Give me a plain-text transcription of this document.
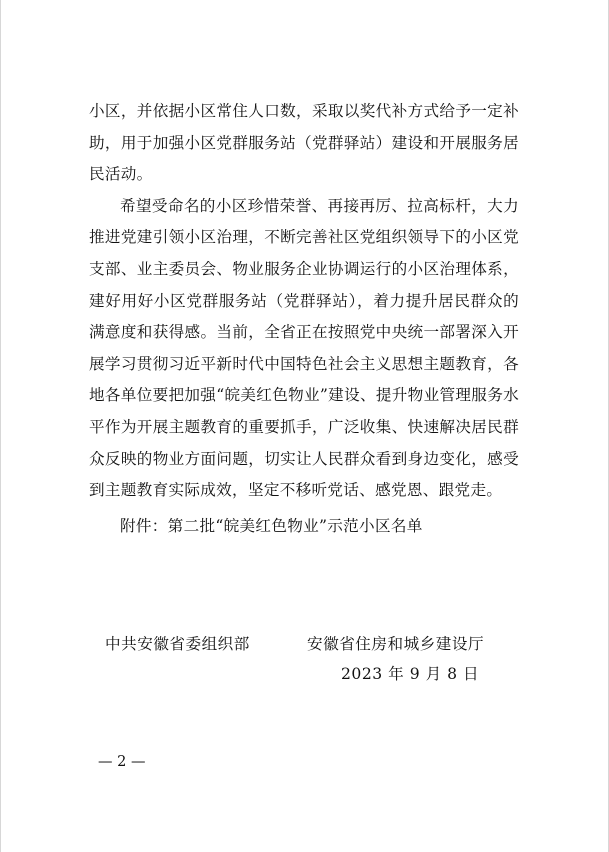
小区，并依据小区常住人口数，采取以奖代补方式给予一定补助，用于加强小区党群服务站（党群驿站）建设和开展服务居民活动。

希望受命名的小区珍惜荣誉、再接再厉、拉高标杆，大力推进党建引领小区治理，不断完善社区党组织领导下的小区党支部、业主委员会、物业服务企业协调运行的小区治理体系，建好用好小区党群服务站（党群驿站），着力提升居民群众的满意度和获得感。当前，全省正在按照党中央统一部署深入开展学习贯彻习近平新时代中国特色社会主义思想主题教育，各地各单位要把加强“皖美红色物业”建设、提升物业管理服务水平作为开展主题教育的重要抓手，广泛收集、快速解决居民群众反映的物业方面问题，切实让人民群众看到身边变化，感受到主题教育实际成效，坚定不移听党话、感党恩、跟党走。

附件：第二批“皖美红色物业”示范小区名单
中共安徽省委组织部	安徽省住房和城乡建设厅
2023 年 9 月 8 日
— 2 —
